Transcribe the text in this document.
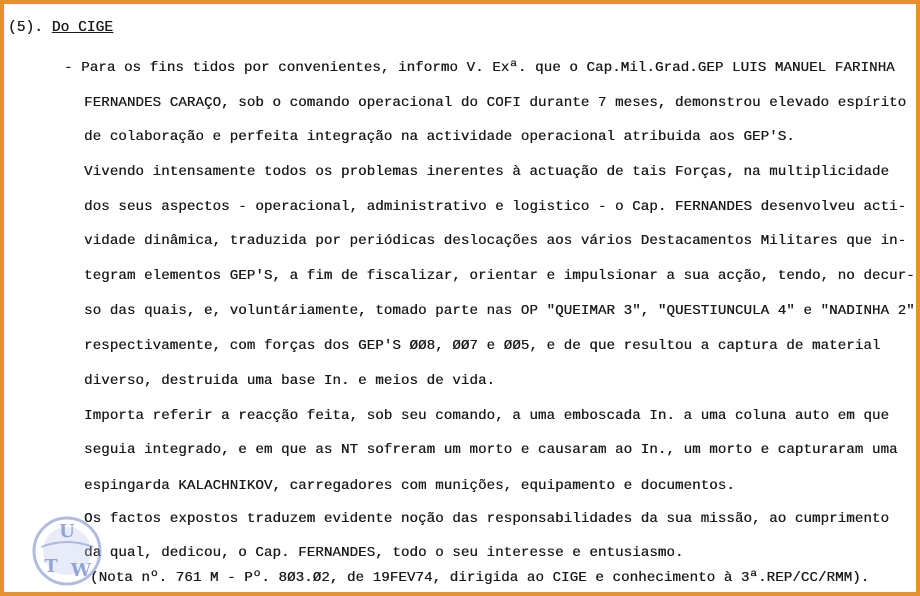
(5). Do CIGE
- Para os fins tidos por convenientes, informo V. Exª. que o Cap.Mil.Grad.GEP LUIS MANUEL FARINHA
FERNANDES CARAÇO, sob o comando operacional do COFI durante 7 meses, demonstrou elevado espírito
de colaboração e perfeita integração na actividade operacional atribuida aos GEP'S.
Vivendo intensamente todos os problemas inerentes à actuação de tais Forças, na multiplicidade
dos seus aspectos - operacional, administrativo e logistico - o Cap. FERNANDES desenvolveu acti-
vidade dinâmica, traduzida por periódicas deslocações aos vários Destacamentos Militares que in-
tegram elementos GEP'S, a fim de fiscalizar, orientar e impulsionar a sua acção, tendo, no decur-
so das quais, e, voluntáriamente, tomado parte nas OP "QUEIMAR 3", "QUESTIUNCULA 4" e "NADINHA 2"
respectivamente, com forças dos GEP'S ØØ8, ØØ7 e ØØ5, e de que resultou a captura de material
diverso, destruida uma base In. e meios de vida.
Importa referir a reacção feita, sob seu comando, a uma emboscada In. a uma coluna auto em que
seguia integrado, e em que as NT sofreram um morto e causaram ao In., um morto e capturaram uma
espingarda KALACHNIKOV, carregadores com munições, equipamento e documentos.
Os factos expostos traduzem evidente noção das responsabilidades da sua missão, ao cumprimento
da qual, dedicou, o Cap. FERNANDES, todo o seu interesse e entusiasmo.
(Nota nº. 761 M - Pº. 8Ø3.Ø2, de 19FEV74, dirigida ao CIGE e conhecimento à 3ª.REP/CC/RMM).
U
T W
